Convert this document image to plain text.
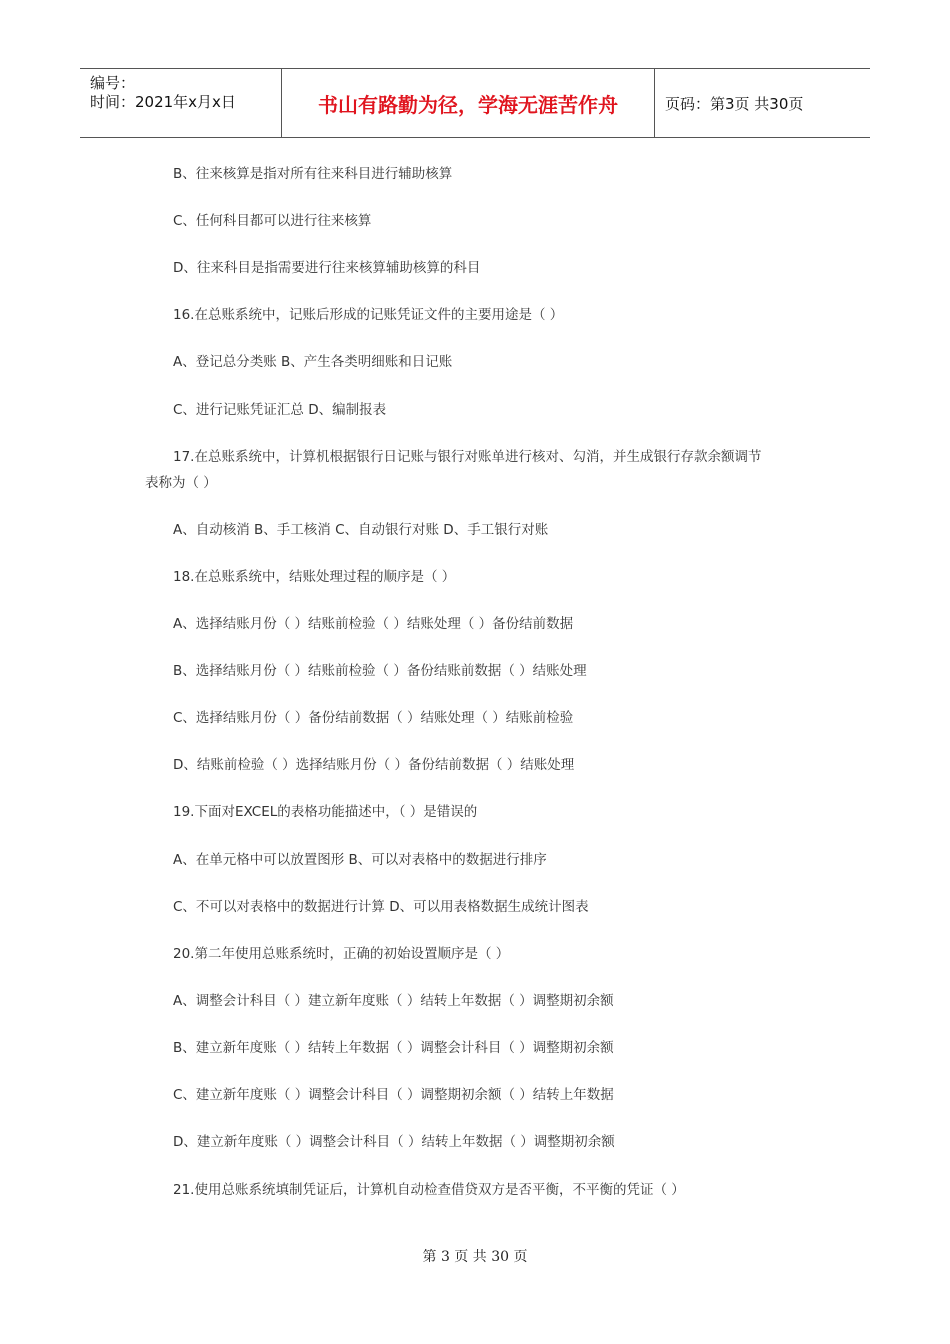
编号：
时间：2021年x月x日	书山有路勤为径，学海无涯苦作舟	页码：第3页 共30页
B、往来核算是指对所有往来科目进行辅助核算
C、任何科目都可以进行往来核算
D、往来科目是指需要进行往来核算辅助核算的科目
16.在总账系统中，记账后形成的记账凭证文件的主要用途是（ ）
A、登记总分类账 B、产生各类明细账和日记账
C、进行记账凭证汇总 D、编制报表
17.在总账系统中，计算机根据银行日记账与银行对账单进行核对、勾消，并生成银行存款余额调节
表称为（ ）
A、自动核消 B、手工核消 C、自动银行对账 D、手工银行对账
18.在总账系统中，结账处理过程的顺序是（ ）
A、选择结账月份（ ）结账前检验（ ）结账处理（ ）备份结前数据
B、选择结账月份（ ）结账前检验（ ）备份结账前数据（ ）结账处理
C、选择结账月份（ ）备份结前数据（ ）结账处理（ ）结账前检验
D、结账前检验（ ）选择结账月份（ ）备份结前数据（ ）结账处理
19.下面对EXCEL的表格功能描述中，（ ）是错误的
A、在单元格中可以放置图形 B、可以对表格中的数据进行排序
C、不可以对表格中的数据进行计算 D、可以用表格数据生成统计图表
20.第二年使用总账系统时，正确的初始设置顺序是（ ）
A、调整会计科目（ ）建立新年度账（ ）结转上年数据（ ）调整期初余额
B、建立新年度账（ ）结转上年数据（ ）调整会计科目（ ）调整期初余额
C、建立新年度账（ ）调整会计科目（ ）调整期初余额（ ）结转上年数据
D、建立新年度账（ ）调整会计科目（ ）结转上年数据（ ）调整期初余额
21.使用总账系统填制凭证后，计算机自动检查借贷双方是否平衡，不平衡的凭证（ ）
第 3 页 共 30 页
